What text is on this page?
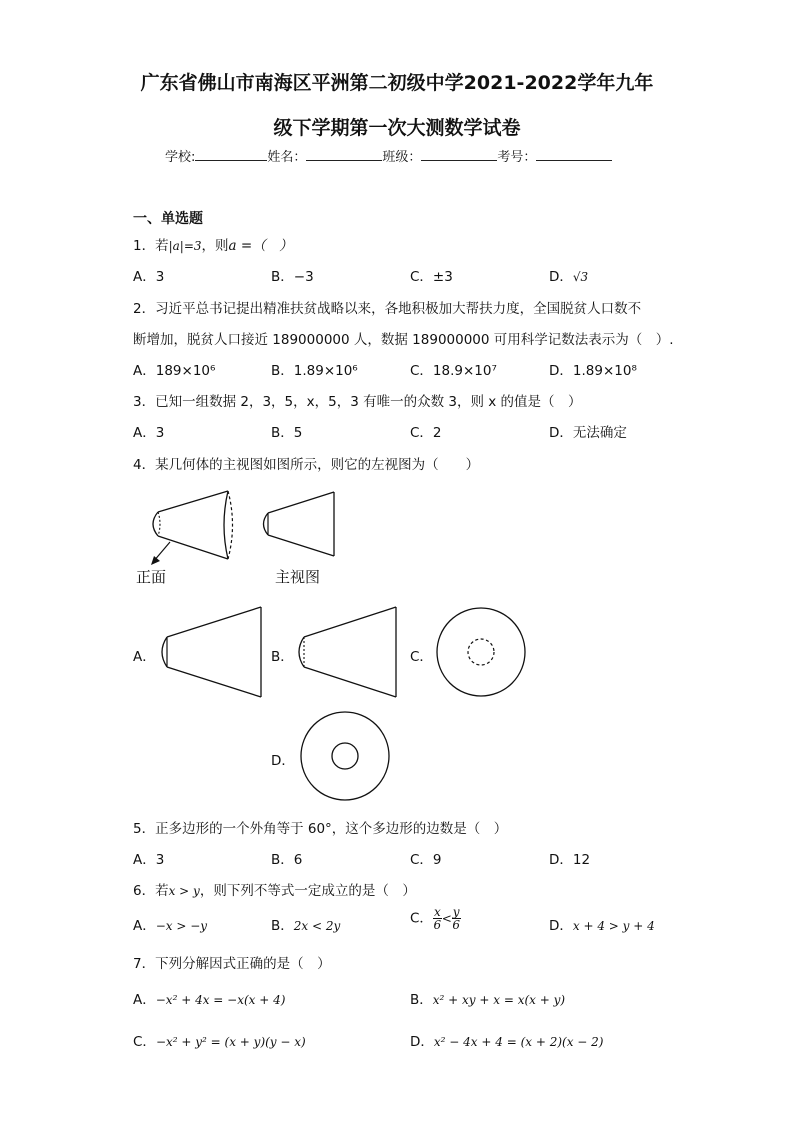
广东省佛山市南海区平洲第二初级中学2021-2022学年九年
级下学期第一次大测数学试卷
学校:	姓名：	班级：	考号：
一、单选题
1．若|a|=3，则a =（　）
A．3	B．−3	C．±3	D．√3
2．习近平总书记提出精准扶贫战略以来，各地积极加大帮扶力度，全国脱贫人口数不
断增加，脱贫人口接近 189000000 人，数据 189000000 可用科学记数法表示为（　）.
A．189×10⁶	B．1.89×10⁶	C．18.9×10⁷	D．1.89×10⁸
3．已知一组数据 2，3，5，x，5，3 有唯一的众数 3，则 x 的值是（　）
A．3	B．5	C．2	D．无法确定
4．某几何体的主视图如图所示，则它的左视图为（　　）
正面	主视图
A．	B．	C．
D．
5．正多边形的一个外角等于 60°，这个多边形的边数是（　）
A．3	B．6	C．9	D．12
6．若x > y，则下列不等式一定成立的是（　）
A．−x > −y	B．2x < 2y	C． $\frac{x}{6} < \frac{y}{6}$	D．x + 4 > y + 4
7．下列分解因式正确的是（　）
A．−x² + 4x = −x(x + 4)	B．x² + xy + x = x(x + y)
C．−x² + y² = (x + y)(y − x)	D．x² − 4x + 4 = (x + 2)(x − 2)
